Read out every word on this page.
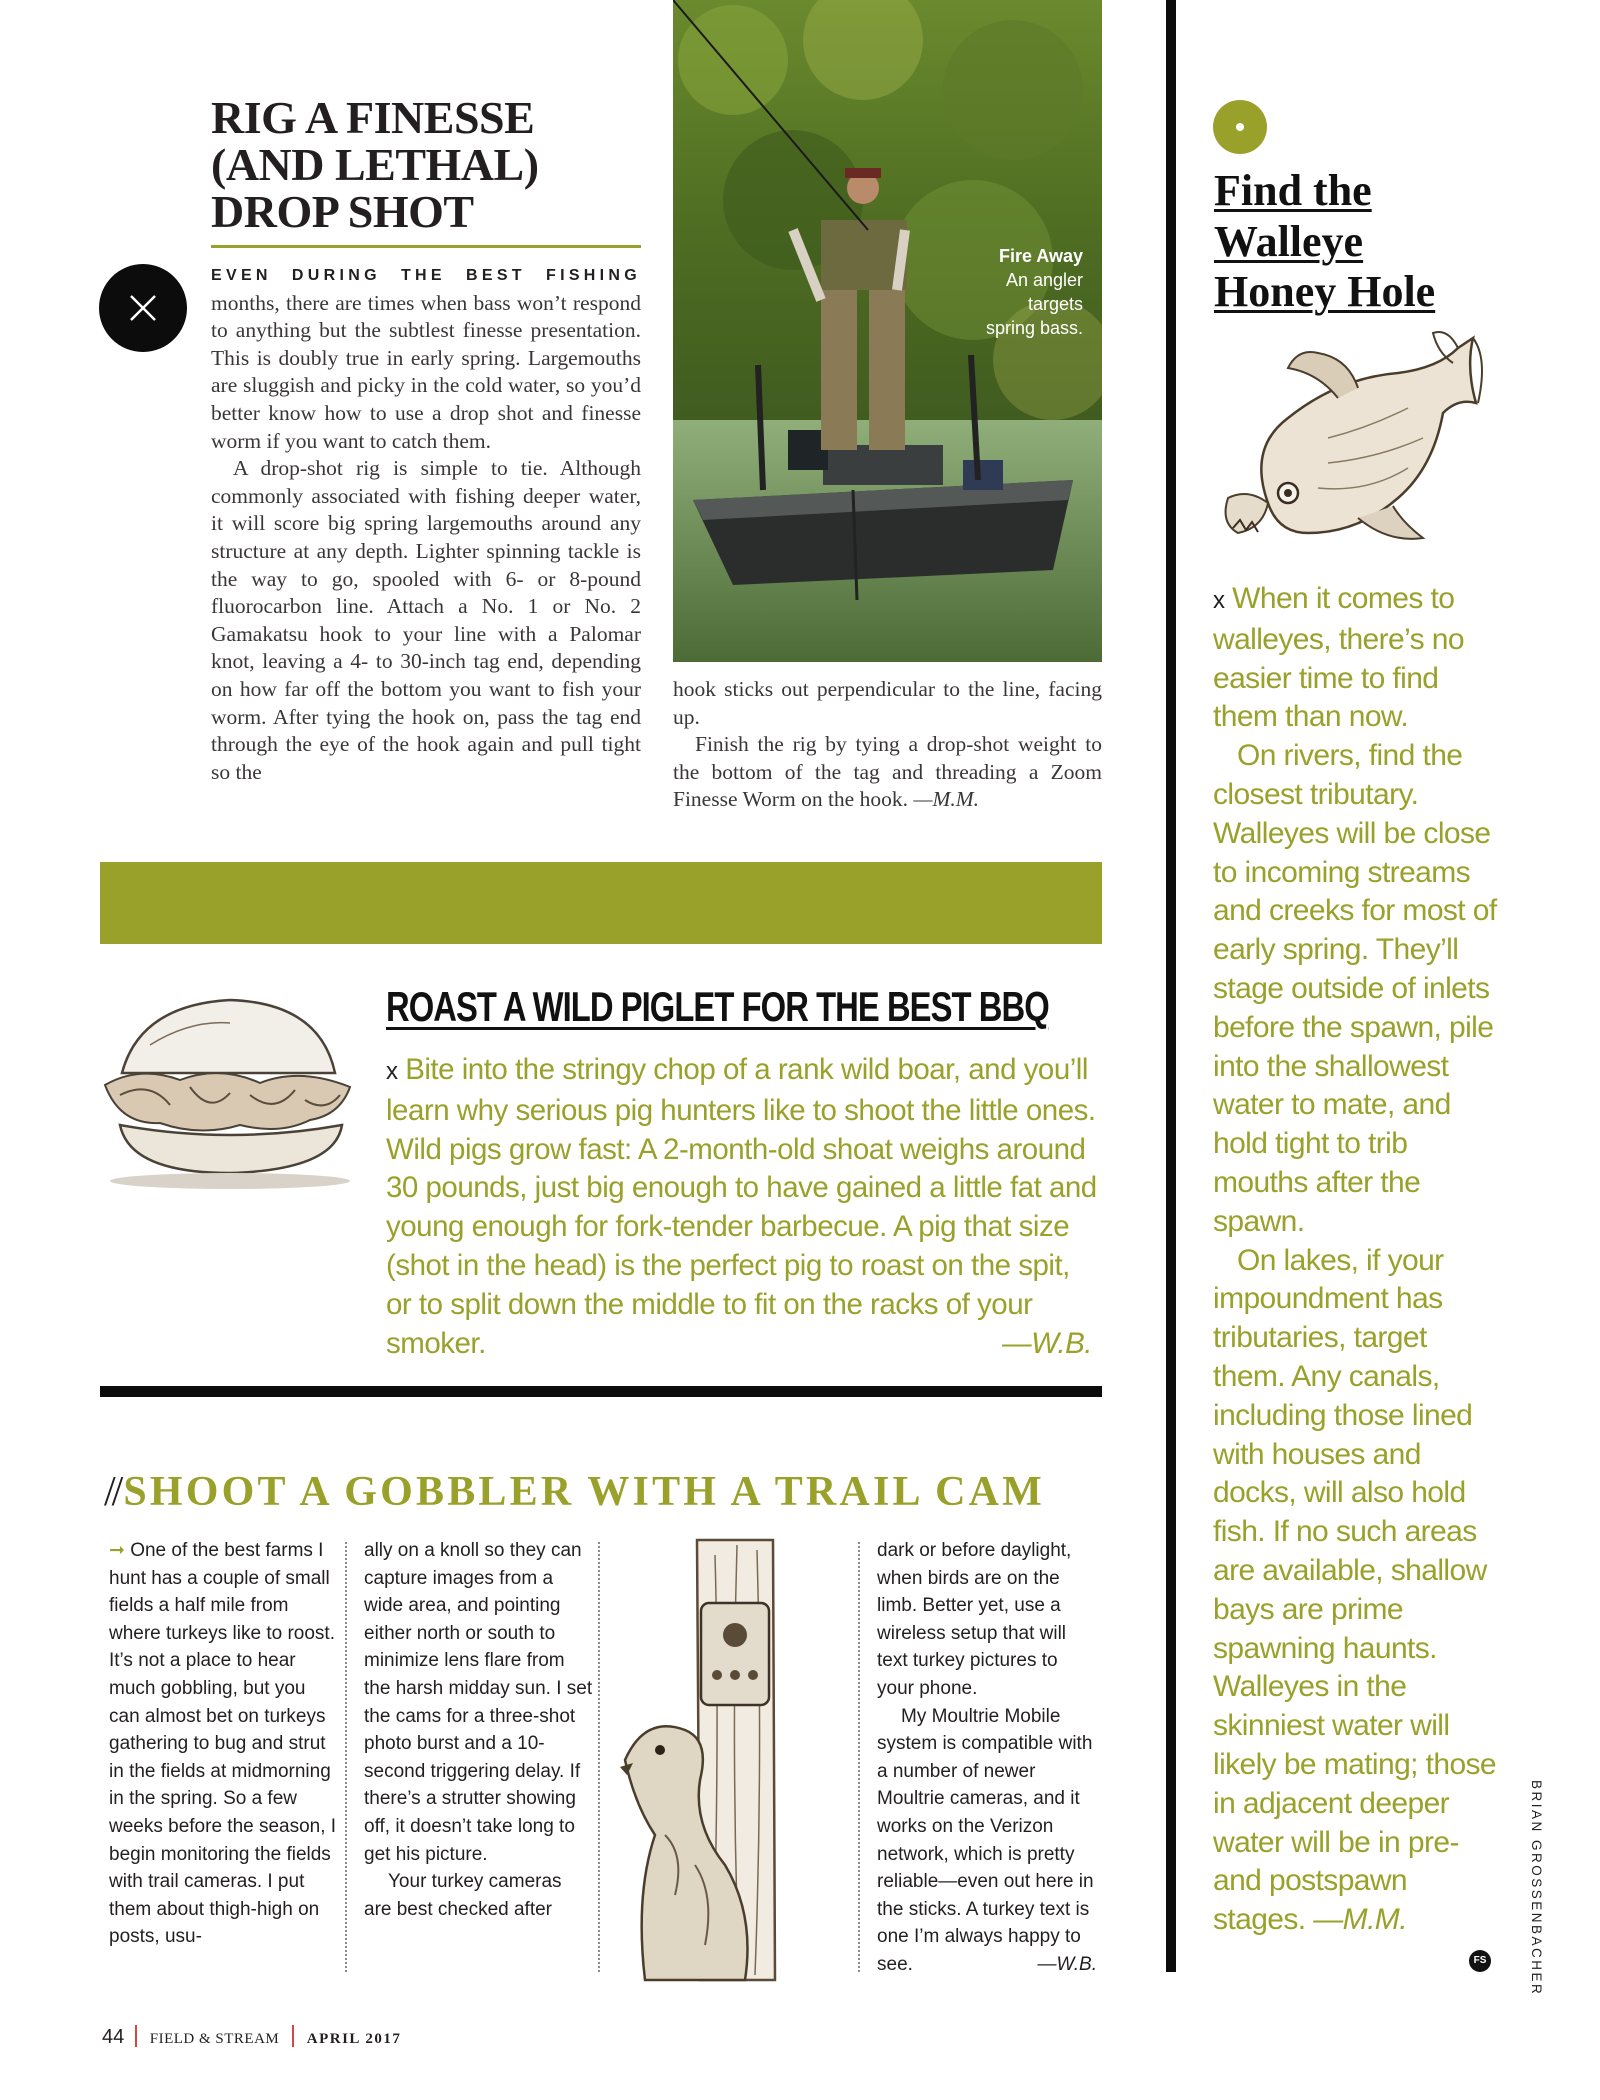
RIG A FINESSE
(AND LETHAL)
DROP SHOT

EVEN DURING THE BEST FISHING months, there are times when bass won’t respond to anything but the subtlest finesse presentation. This is doubly true in early spring. Largemouths are sluggish and picky in the cold water, so you’d better know how to use a drop shot and finesse worm if you want to catch them.

A drop-shot rig is simple to tie. Although commonly associated with fishing deeper water, it will score big spring largemouths around any structure at any depth. Lighter spinning tackle is the way to go, spooled with 6- or 8-pound fluorocarbon line. Attach a No. 1 or No. 2 Gamakatsu hook to your line with a Palomar knot, leaving a 4- to 30-inch tag end, depending on how far off the bottom you want to fish your worm. After tying the hook on, pass the tag end through the eye of the hook again and pull tight so the

Fire Away
An angler
targets
spring bass.

hook sticks out perpendicular to the line, facing up.

Finish the rig by tying a drop-shot weight to the bottom of the tag and threading a Zoom Finesse Worm on the hook. —M.M.

ROAST A WILD PIGLET FOR THE BEST BBQ
x Bite into the stringy chop of a rank wild boar, and you’ll learn why serious pig hunters like to shoot the little ones. Wild pigs grow fast: A 2-month-old shoat weighs around 30 pounds, just big enough to have gained a little fat and young enough for fork-tender barbecue. A pig that size (shot in the head) is the perfect pig to roast on the spit, or to split down the middle to fit on the racks of your smoker.	—W.B.
// SHOOT A GOBBLER WITH A TRAIL CAM

➞ One of the best farms I hunt has a couple of small fields a half mile from where turkeys like to roost. It’s not a place to hear much gobbling, but you can almost bet on turkeys gathering to bug and strut in the fields at midmorning in the spring. So a few weeks before the season, I begin monitoring the fields with trail cameras. I put them about thigh-high on posts, usu-

ally on a knoll so they can capture images from a wide area, and pointing either north or south to minimize lens flare from the harsh midday sun. I set the cams for a three-shot photo burst and a 10-second triggering delay. If there’s a strutter showing off, it doesn’t take long to get his picture.

Your turkey cameras are best checked after

dark or before daylight, when birds are on the limb. Better yet, use a wireless setup that will text turkey pictures to your phone.

My Moultrie Mobile system is compatible with a number of newer Moultrie cameras, and it works on the Verizon network, which is pretty reliable—even out here in the sticks. A turkey text is one I’m always happy to see.	—W.B.

Find the
Walleye
Honey Hole
x When it comes to walleyes, there’s no easier time to find them than now.
On rivers, find the closest tributary. Walleyes will be close to incoming streams and creeks for most of early spring. They’ll stage outside of inlets before the spawn, pile into the shallowest water to mate, and hold tight to trib mouths after the spawn.
On lakes, if your impoundment has tributaries, target them. Any canals, including those lined with houses and docks, will also hold fish. If no such areas are available, shallow bays are prime spawning haunts. Walleyes in the skinniest water will likely be mating; those in adjacent deeper water will be in pre- and postspawn stages. —M.M.
FS	BRIAN GROSSENBACHER
44 FIELD & STREAM APRIL 2017
